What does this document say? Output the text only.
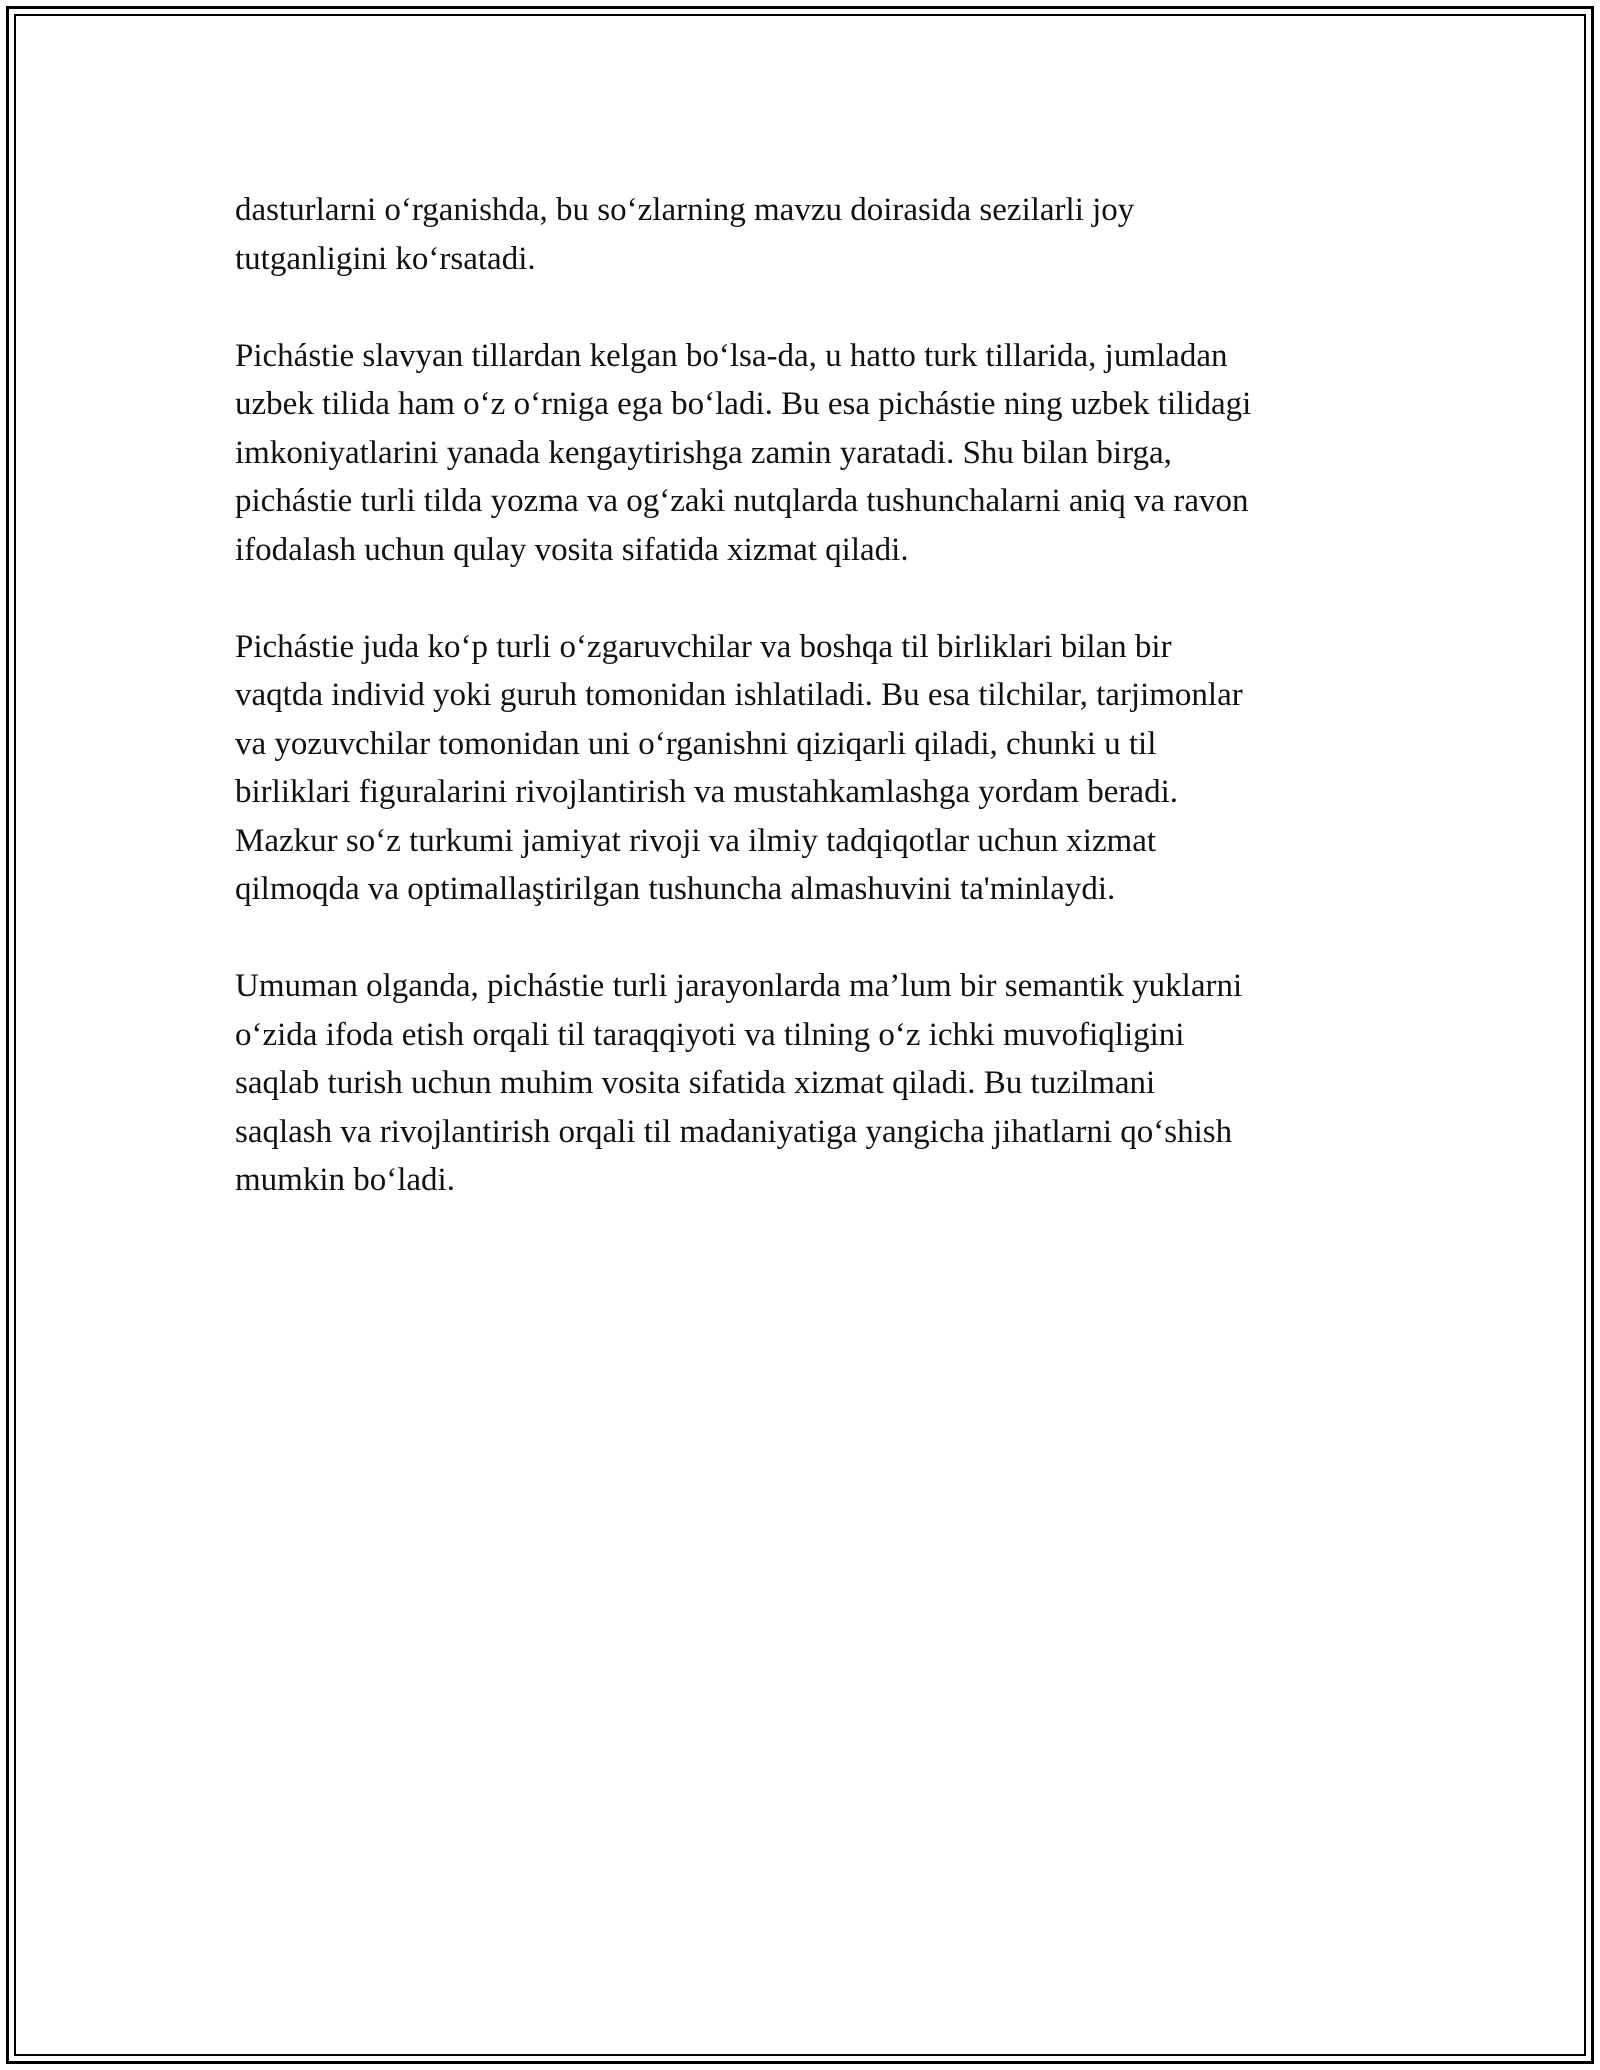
dasturlarni o‘rganishda, bu so‘zlarning mavzu doirasida sezilarli joy
tutganligini ko‘rsatadi.

Pichástie slavyan tillardan kelgan bo‘lsa-da, u hatto turk tillarida, jumladan
uzbek tilida ham o‘z o‘rniga ega bo‘ladi. Bu esa pichástie ning uzbek tilidagi
imkoniyatlarini yanada kengaytirishga zamin yaratadi. Shu bilan birga,
pichástie turli tilda yozma va og‘zaki nutqlarda tushunchalarni aniq va ravon
ifodalash uchun qulay vosita sifatida xizmat qiladi.

Pichástie juda ko‘p turli o‘zgaruvchilar va boshqa til birliklari bilan bir
vaqtda individ yoki guruh tomonidan ishlatiladi. Bu esa tilchilar, tarjimonlar
va yozuvchilar tomonidan uni o‘rganishni qiziqarli qiladi, chunki u til
birliklari figuralarini rivojlantirish va mustahkamlashga yordam beradi.
Mazkur so‘z turkumi jamiyat rivoji va ilmiy tadqiqotlar uchun xizmat
qilmoqda va optimallaştirilgan tushuncha almashuvini ta'minlaydi.

Umuman olganda, pichástie turli jarayonlarda ma’lum bir semantik yuklarni
o‘zida ifoda etish orqali til taraqqiyoti va tilning o‘z ichki muvofiqligini
saqlab turish uchun muhim vosita sifatida xizmat qiladi. Bu tuzilmani
saqlash va rivojlantirish orqali til madaniyatiga yangicha jihatlarni qo‘shish
mumkin bo‘ladi.
